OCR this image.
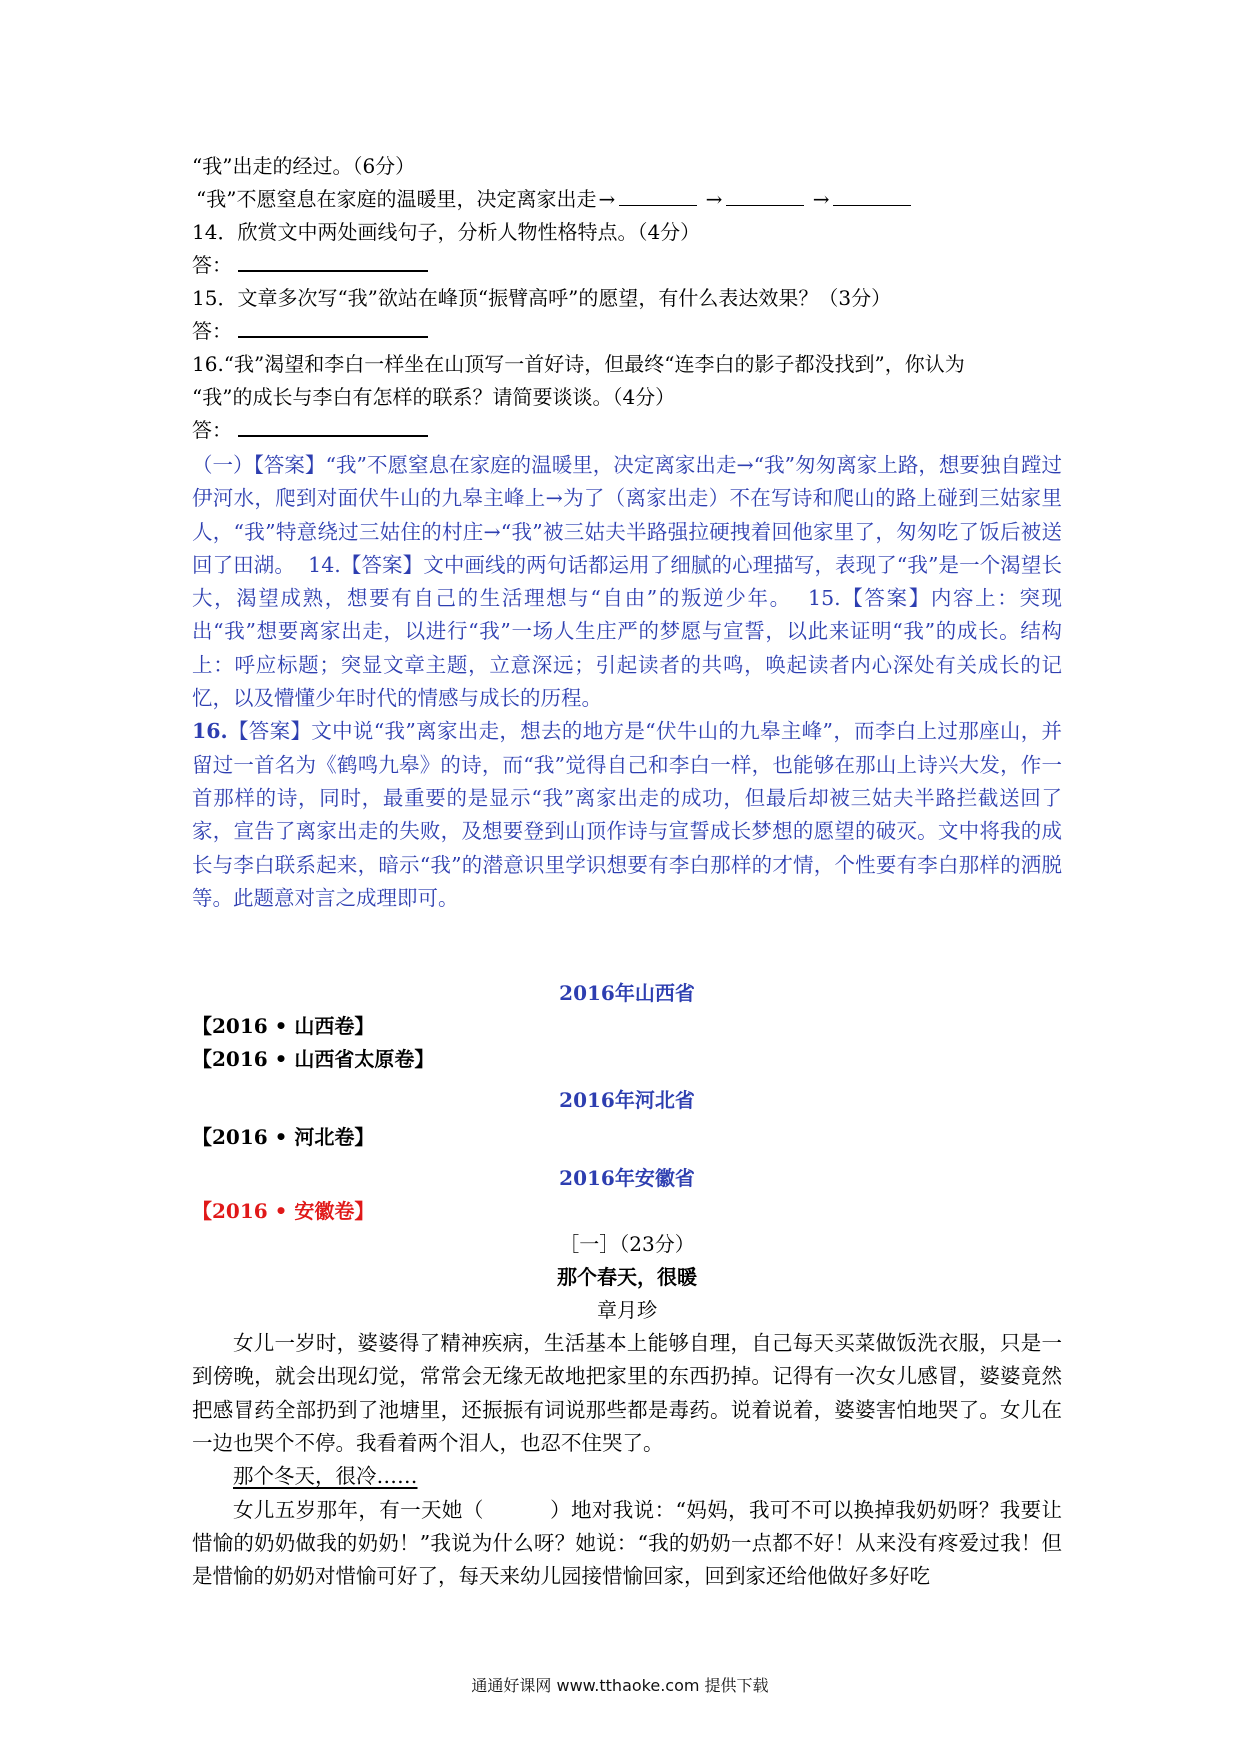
“我”出走的经过。（6分）
“我”不愿窒息在家庭的温暖里，决定离家出走 →	→	→
14．欣赏文中两处画线句子，分析人物性格特点。（4分）
答：
15．文章多次写“我”欲站在峰顶“振臂高呼”的愿望，有什么表达效果？（3分）
答：
16.“我”渴望和李白一样坐在山顶写一首好诗，但最终“连李白的影子都没找到”，你认为
“我”的成长与李白有怎样的联系？请简要谈谈。（4分）
答：

（一）【答案】“我”不愿窒息在家庭的温暖里，决定离家出走→“我”匆匆离家上路，想要独自蹚过伊河水，爬到对面伏牛山的九皋主峰上→为了（离家出走）不在写诗和爬山的路上碰到三姑家里人，“我”特意绕过三姑住的村庄→“我”被三姑夫半路强拉硬拽着回他家里了，匆匆吃了饭后被送回了田湖。 14.【答案】文中画线的两句话都运用了细腻的心理描写，表现了“我”是一个渴望长大，渴望成熟，想要有自己的生活理想与“自由”的叛逆少年。 15.【答案】内容上：突现出“我”想要离家出走，以进行“我”一场人生庄严的梦愿与宣誓，以此来证明“我”的成长。结构上：呼应标题；突显文章主题，立意深远；引起读者的共鸣，唤起读者内心深处有关成长的记忆，以及懵懂少年时代的情感与成长的历程。

16.【答案】文中说“我”离家出走，想去的地方是“伏牛山的九皋主峰”，而李白上过那座山，并留过一首名为《鹤鸣九皋》的诗，而“我”觉得自己和李白一样，也能够在那山上诗兴大发，作一首那样的诗，同时，最重要的是显示“我”离家出走的成功，但最后却被三姑夫半路拦截送回了家，宣告了离家出走的失败，及想要登到山顶作诗与宣誓成长梦想的愿望的破灭。文中将我的成长与李白联系起来，暗示“我”的潜意识里学识想要有李白那样的才情，个性要有李白那样的洒脱等。此题意对言之成理即可。

2016年山西省
【2016 • 山西卷】
【2016 • 山西省太原卷】
2016年河北省
【2016 • 河北卷】
2016年安徽省
【2016 • 安徽卷】
［一］（23分）
那个春天，很暖
章月珍

女儿一岁时，婆婆得了精神疾病，生活基本上能够自理，自己每天买菜做饭洗衣服，只是一到傍晚，就会出现幻觉，常常会无缘无故地把家里的东西扔掉。记得有一次女儿感冒，婆婆竟然把感冒药全部扔到了池塘里，还振振有词说那些都是毒药。说着说着，婆婆害怕地哭了。女儿在一边也哭个不停。我看着两个泪人，也忍不住哭了。

那个冬天，很冷……

女儿五岁那年，有一天她（	）地对我说：“妈妈，我可不可以换掉我奶奶呀？我要让惜愉的奶奶做我的奶奶！”我说为什么呀？她说：“我的奶奶一点都不好！从来没有疼爱过我！但是惜愉的奶奶对惜愉可好了，每天来幼儿园接惜愉回家，回到家还给他做好多好吃

通通好课网 www.tthaoke.com 提供下载
